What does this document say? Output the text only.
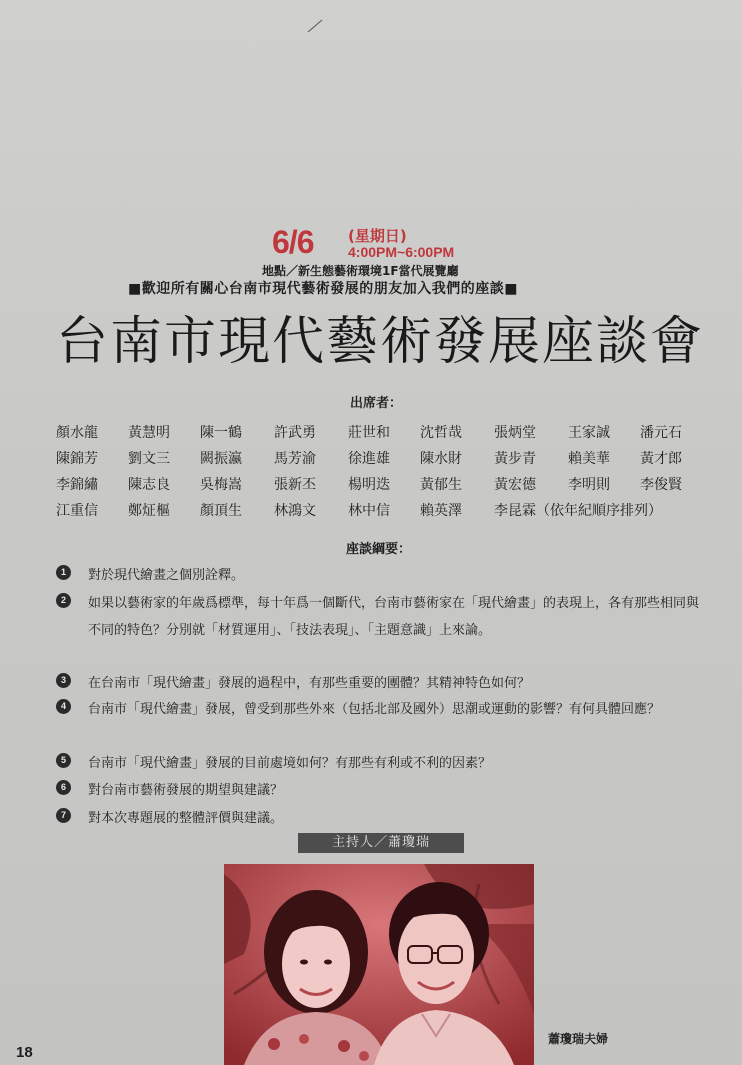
6/6 (星期日)
4:00PM~6:00PM
地點／新生態藝術環境1F當代展覽廳
■歡迎所有關心台南市現代藝術發展的朋友加入我們的座談■
台南市現代藝術發展座談會
出席者：
顏水龍 黃慧明 陳一鶴 許武勇 莊世和 沈哲哉 張炳堂 王家誠 潘元石
陳錦芳 劉文三 闕振瀛 馬芳渝 徐進雄 陳水財 黃步青 賴美華 黃才郎
李錦繡 陳志良 吳梅嵩 張新丕 楊明迭 黃郁生 黃宏德 李明則 李俊賢
江重信 鄭炡樞 顏頂生 林鴻文 林中信 賴英澤 李昆霖（依年紀順序排列）
座談綱要：
1	對於現代繪畫之個別詮釋。
2	如果以藝術家的年歲爲標準，每十年爲一個斷代，台南市藝術家在「現代繪畫」的表現上，各有那些相同與不同的特色？分別就「材質運用」、「技法表現」、「主題意識」上來論。
3	在台南市「現代繪畫」發展的過程中，有那些重要的團體？其精神特色如何？
4	台南市「現代繪畫」發展，曾受到那些外來（包括北部及國外）思潮或運動的影響？有何具體回應？
5	台南市「現代繪畫」發展的目前處境如何？有那些有利或不利的因素？
6	對台南市藝術發展的期望與建議？
7	對本次專題展的整體評價與建議。
主持人／蕭瓊瑞
蕭瓊瑞夫婦
18
